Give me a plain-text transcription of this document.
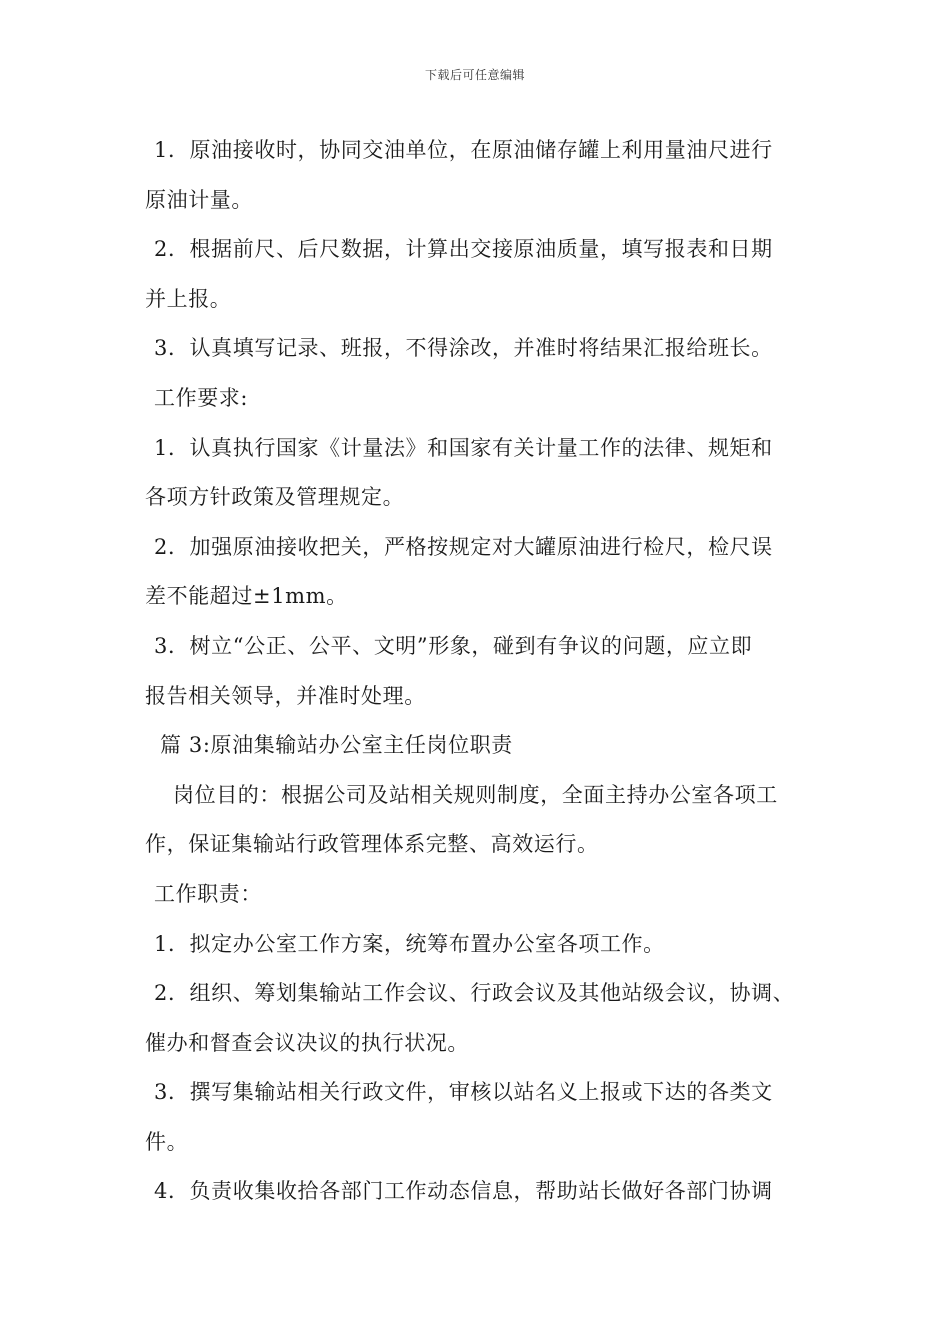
下载后可任意编辑
1．原油接收时，协同交油单位，在原油储存罐上利用量油尺进行
原油计量。
2．根据前尺、后尺数据，计算出交接原油质量，填写报表和日期
并上报。
3．认真填写记录、班报，不得涂改，并准时将结果汇报给班长。
工作要求:
1．认真执行国家《计量法》和国家有关计量工作的法律、规矩和
各项方针政策及管理规定。
2．加强原油接收把关，严格按规定对大罐原油进行检尺，检尺误
差不能超过±1mm。
3．树立“公正、公平、文明”形象，碰到有争议的问题，应立即
报告相关领导，并准时处理。
篇 3:原油集输站办公室主任岗位职责
岗位目的：根据公司及站相关规则制度，全面主持办公室各项工
作，保证集输站行政管理体系完整、高效运行。
工作职责：
1．拟定办公室工作方案，统筹布置办公室各项工作。
2．组织、筹划集输站工作会议、行政会议及其他站级会议，协调、
催办和督查会议决议的执行状况。
3．撰写集输站相关行政文件，审核以站名义上报或下达的各类文
件。
4．负责收集收拾各部门工作动态信息，帮助站长做好各部门协调
